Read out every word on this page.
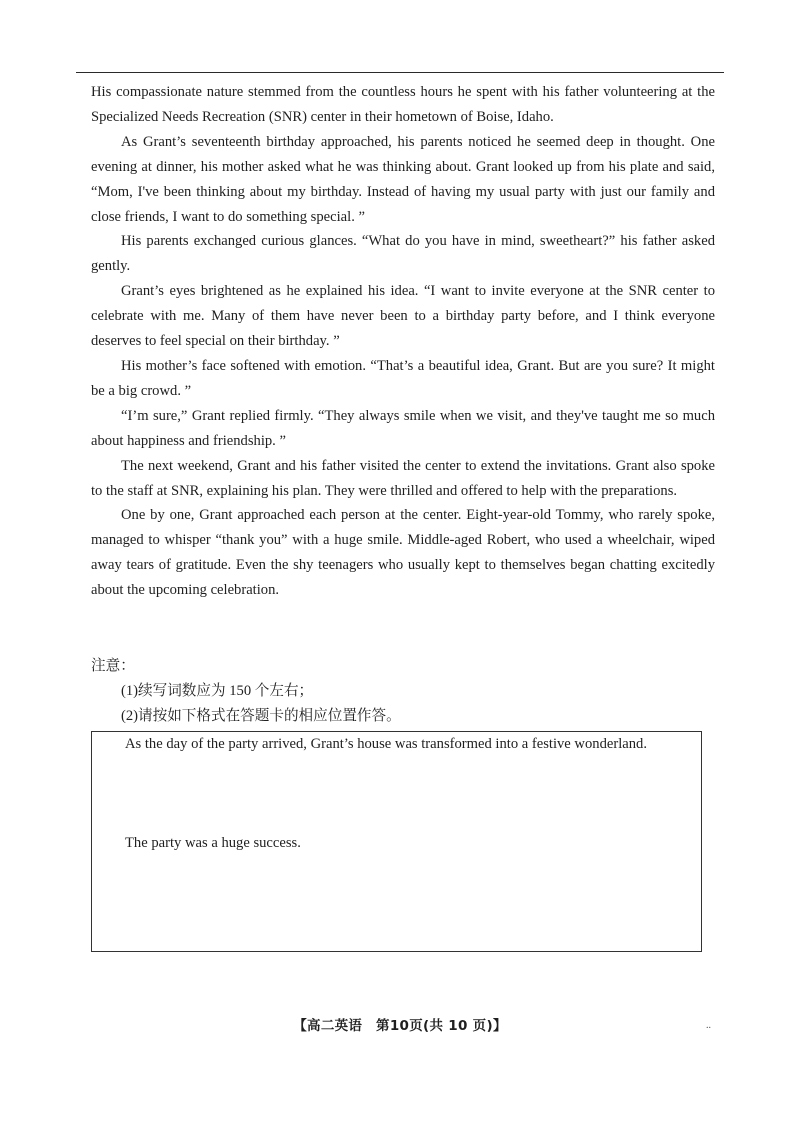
His compassionate nature stemmed from the countless hours he spent with his father volunteering at the Specialized Needs Recreation (SNR) center in their hometown of Boise, Idaho.

As Grant’s seventeenth birthday approached, his parents noticed he seemed deep in thought. One evening at dinner, his mother asked what he was thinking about. Grant looked up from his plate and said, “Mom, I've been thinking about my birthday. Instead of having my usual party with just our family and close friends, I want to do something special. ”

His parents exchanged curious glances. “What do you have in mind, sweetheart?” his father asked gently.

Grant’s eyes brightened as he explained his idea. “I want to invite everyone at the SNR center to celebrate with me. Many of them have never been to a birthday party before, and I think everyone deserves to feel special on their birthday. ”

His mother’s face softened with emotion. “That’s a beautiful idea, Grant. But are you sure? It might be a big crowd. ”

“I’m sure,” Grant replied firmly. “They always smile when we visit, and they've taught me so much about happiness and friendship. ”

The next weekend, Grant and his father visited the center to extend the invitations. Grant also spoke to the staff at SNR, explaining his plan. They were thrilled and offered to help with the preparations.

One by one, Grant approached each person at the center. Eight-year-old Tommy, who rarely spoke, managed to whisper “thank you” with a huge smile. Middle-aged Robert, who used a wheelchair, wiped away tears of gratitude. Even the shy teenagers who usually kept to themselves began chatting excitedly about the upcoming celebration.

注意：
(1)续写词数应为 150 个左右；
(2)请按如下格式在答题卡的相应位置作答。
As the day of the party arrived, Grant’s house was transformed into a festive wonderland.
The party was a huge success.
【高二英语　第10页(共 10 页)】	..
